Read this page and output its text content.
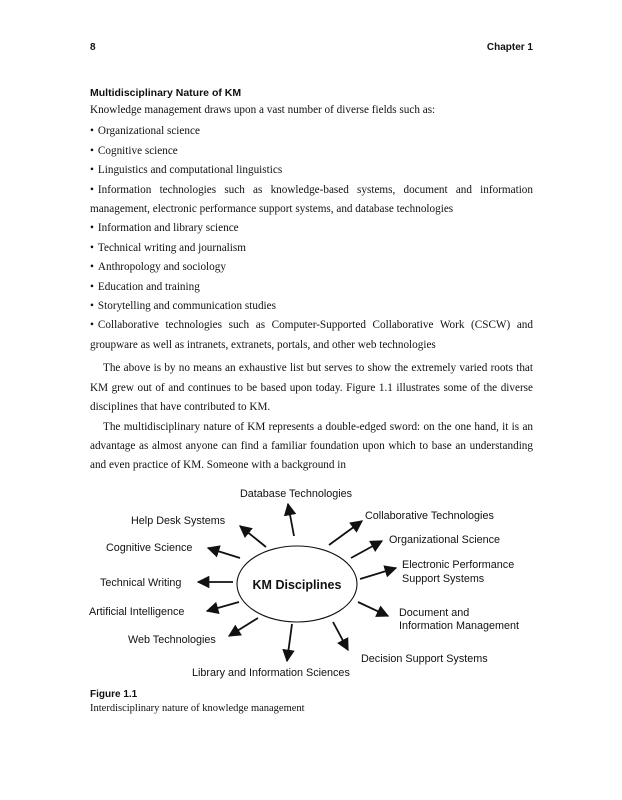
8	Chapter 1
Multidisciplinary Nature of KM

Knowledge management draws upon a vast number of diverse fields such as:

• Organizational science
• Cognitive science
• Linguistics and computational linguistics
• Information technologies such as knowledge-based systems, document and information management, electronic performance support systems, and database technologies
• Information and library science
• Technical writing and journalism
• Anthropology and sociology
• Education and training
• Storytelling and communication studies
• Collaborative technologies such as Computer-Supported Collaborative Work (CSCW) and groupware as well as intranets, extranets, portals, and other web technologies

The above is by no means an exhaustive list but serves to show the extremely varied roots that KM grew out of and continues to be based upon today. Figure 1.1 illustrates some of the diverse disciplines that have contributed to KM.

The multidisciplinary nature of KM represents a double-edged sword: on the one hand, it is an advantage as almost anyone can find a familiar foundation upon which to base an understanding and even practice of KM. Someone with a background in

KM Disciplines
Database Technologies
Collaborative Technologies
Organizational Science
Electronic Performance
Support Systems
Document and
Information Management
Decision Support Systems
Library and Information Sciences
Web Technologies
Artificial Intelligence
Technical Writing
Cognitive Science
Help Desk Systems
Figure 1.1
Interdisciplinary nature of knowledge management
